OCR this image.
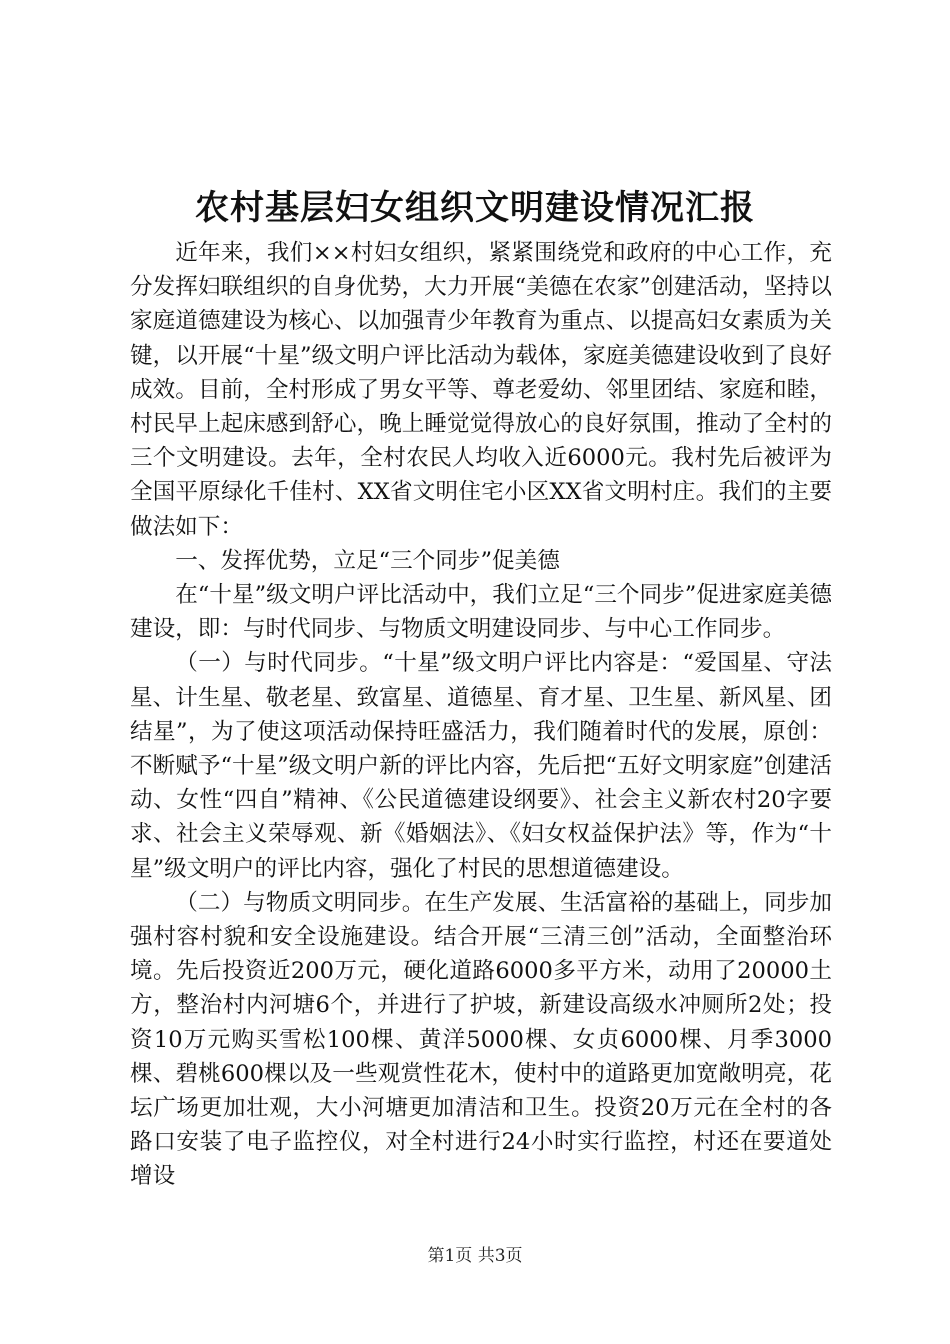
农村基层妇女组织文明建设情况汇报

近年来，我们××村妇女组织，紧紧围绕党和政府的中心工作，充分发挥妇联组织的自身优势，大力开展“美德在农家”创建活动，坚持以家庭道德建设为核心、以加强青少年教育为重点、以提高妇女素质为关键，以开展“十星”级文明户评比活动为载体，家庭美德建设收到了良好成效。目前，全村形成了男女平等、尊老爱幼、邻里团结、家庭和睦，村民早上起床感到舒心，晚上睡觉觉得放心的良好氛围，推动了全村的三个文明建设。去年，全村农民人均收入近6000元。我村先后被评为全国平原绿化千佳村、XX省文明住宅小区XX省文明村庄。我们的主要做法如下：

一、发挥优势，立足“三个同步”促美德

在“十星”级文明户评比活动中，我们立足“三个同步”促进家庭美德建设，即：与时代同步、与物质文明建设同步、与中心工作同步。

（一）与时代同步。“十星”级文明户评比内容是：“爱国星、守法星、计生星、敬老星、致富星、道德星、育才星、卫生星、新风星、团结星”，为了使这项活动保持旺盛活力，我们随着时代的发展，原创：不断赋予“十星”级文明户新的评比内容，先后把“五好文明家庭”创建活动、女性“四自”精神、《公民道德建设纲要》、社会主义新农村20字要求、社会主义荣辱观、新《婚姻法》、《妇女权益保护法》等，作为“十星”级文明户的评比内容，强化了村民的思想道德建设。

（二）与物质文明同步。在生产发展、生活富裕的基础上，同步加强村容村貌和安全设施建设。结合开展“三清三创”活动，全面整治环境。先后投资近200万元，硬化道路6000多平方米，动用了20000土方，整治村内河塘6个，并进行了护坡，新建设高级水冲厕所2处；投资10万元购买雪松100棵、黄洋5000棵、女贞6000棵、月季3000棵、碧桃600棵以及一些观赏性花木，使村中的道路更加宽敞明亮，花坛广场更加壮观，大小河塘更加清洁和卫生。投资20万元在全村的各路口安装了电子监控仪，对全村进行24小时实行监控，村还在要道处增设

第1页 共3页
